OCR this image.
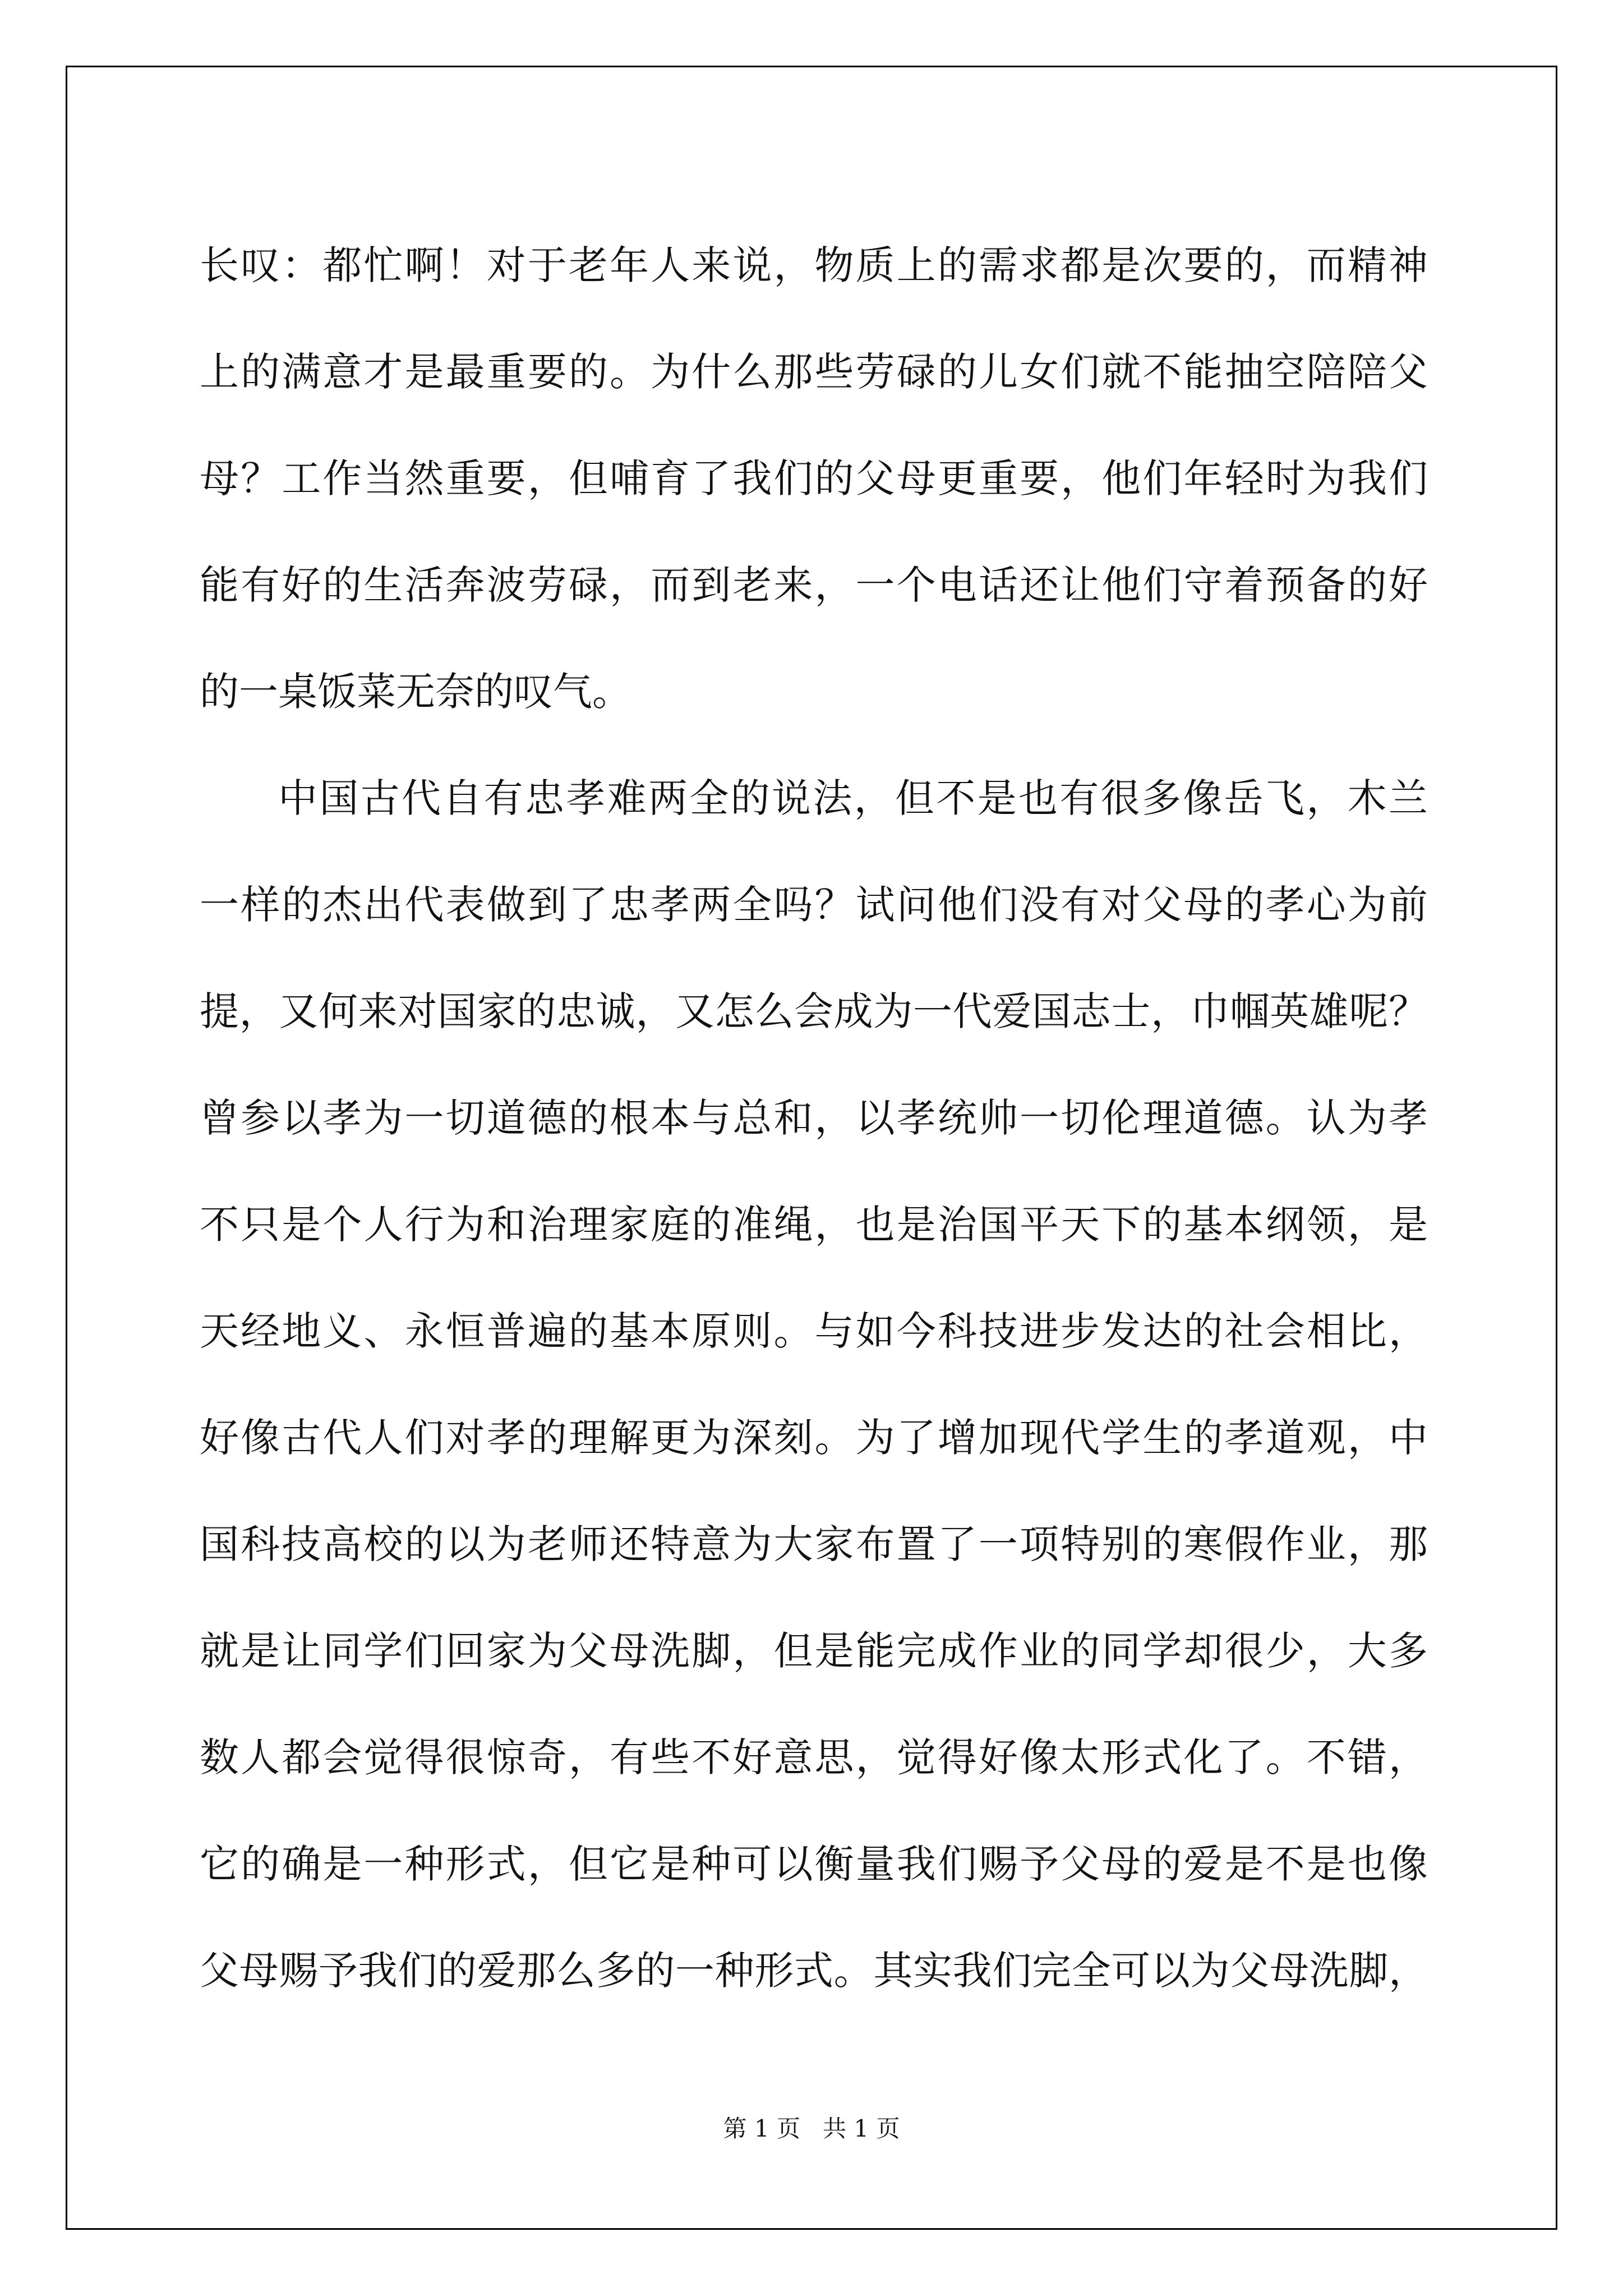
长叹：都忙啊！对于老年人来说，物质上的需求都是次要的，而精神
上的满意才是最重要的。为什么那些劳碌的儿女们就不能抽空陪陪父
母？工作当然重要，但哺育了我们的父母更重要，他们年轻时为我们
能有好的生活奔波劳碌，而到老来，一个电话还让他们守着预备的好
的一桌饭菜无奈的叹气。
中国古代自有忠孝难两全的说法，但不是也有很多像岳飞，木兰
一样的杰出代表做到了忠孝两全吗？试问他们没有对父母的孝心为前
提，又何来对国家的忠诚，又怎么会成为一代爱国志士，巾帼英雄呢？
曾参以孝为一切道德的根本与总和，以孝统帅一切伦理道德。认为孝
不只是个人行为和治理家庭的准绳，也是治国平天下的基本纲领，是
天经地义、永恒普遍的基本原则。与如今科技进步发达的社会相比，
好像古代人们对孝的理解更为深刻。为了增加现代学生的孝道观，中
国科技高校的以为老师还特意为大家布置了一项特别的寒假作业，那
就是让同学们回家为父母洗脚，但是能完成作业的同学却很少，大多
数人都会觉得很惊奇，有些不好意思，觉得好像太形式化了。不错，
它的确是一种形式，但它是种可以衡量我们赐予父母的爱是不是也像
父母赐予我们的爱那么多的一种形式。其实我们完全可以为父母洗脚，
第 1 页   共 1 页
